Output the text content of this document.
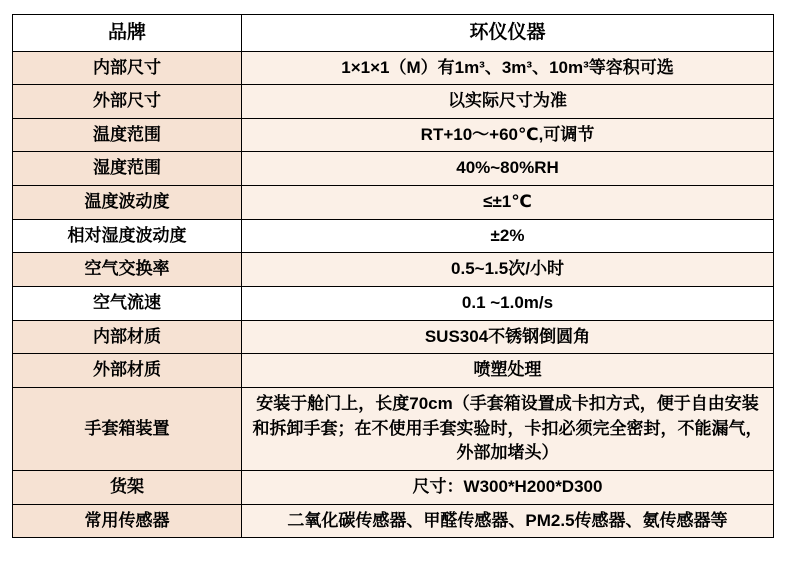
品牌	环仪仪器
内部尺寸	1×1×1（M）有1m³、3m³、10m³等容积可选
外部尺寸	以实际尺寸为准
温度范围	RT+10～+60℃,可调节
湿度范围	40%~80%RH
温度波动度	≤±1℃
相对湿度波动度	±2%
空气交换率	0.5~1.5次/小时
空气流速	0.1 ~1.0m/s
内部材质	SUS304不锈钢倒圆角
外部材质	喷塑处理
手套箱装置	安装于舱门上，长度70cm（手套箱设置成卡扣方式，便于自由安装和拆卸手套；在不使用手套实验时，卡扣必须完全密封，不能漏气，外部加堵头）
货架	尺寸：W300*H200*D300
常用传感器	二氧化碳传感器、甲醛传感器、PM2.5传感器、氨传感器等
